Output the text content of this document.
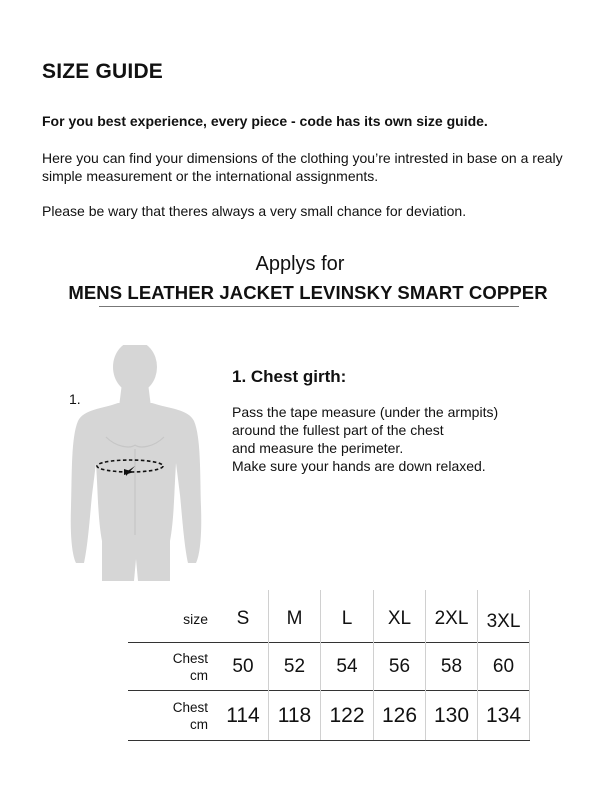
SIZE GUIDE

For you best experience, every piece - code has its own size guide.

Here you can find your dimensions of the clothing you’re intrested in base on a realy simple measurement or the international assignments.

Please be wary that theres always a very small chance for deviation.

Applys for

MENS LEATHER JACKET LEVINSKY SMART COPPER

1.
1. Chest girth:
Pass the tape measure (under the armpits)
around the fullest part of the chest
and measure the perimeter.
Make sure your hands are down relaxed.
size	S	M	L	XL	2XL	3XL
Chest
cm	50	52	54	56	58	60
Chest
cm	114	118	122	126	130	134
